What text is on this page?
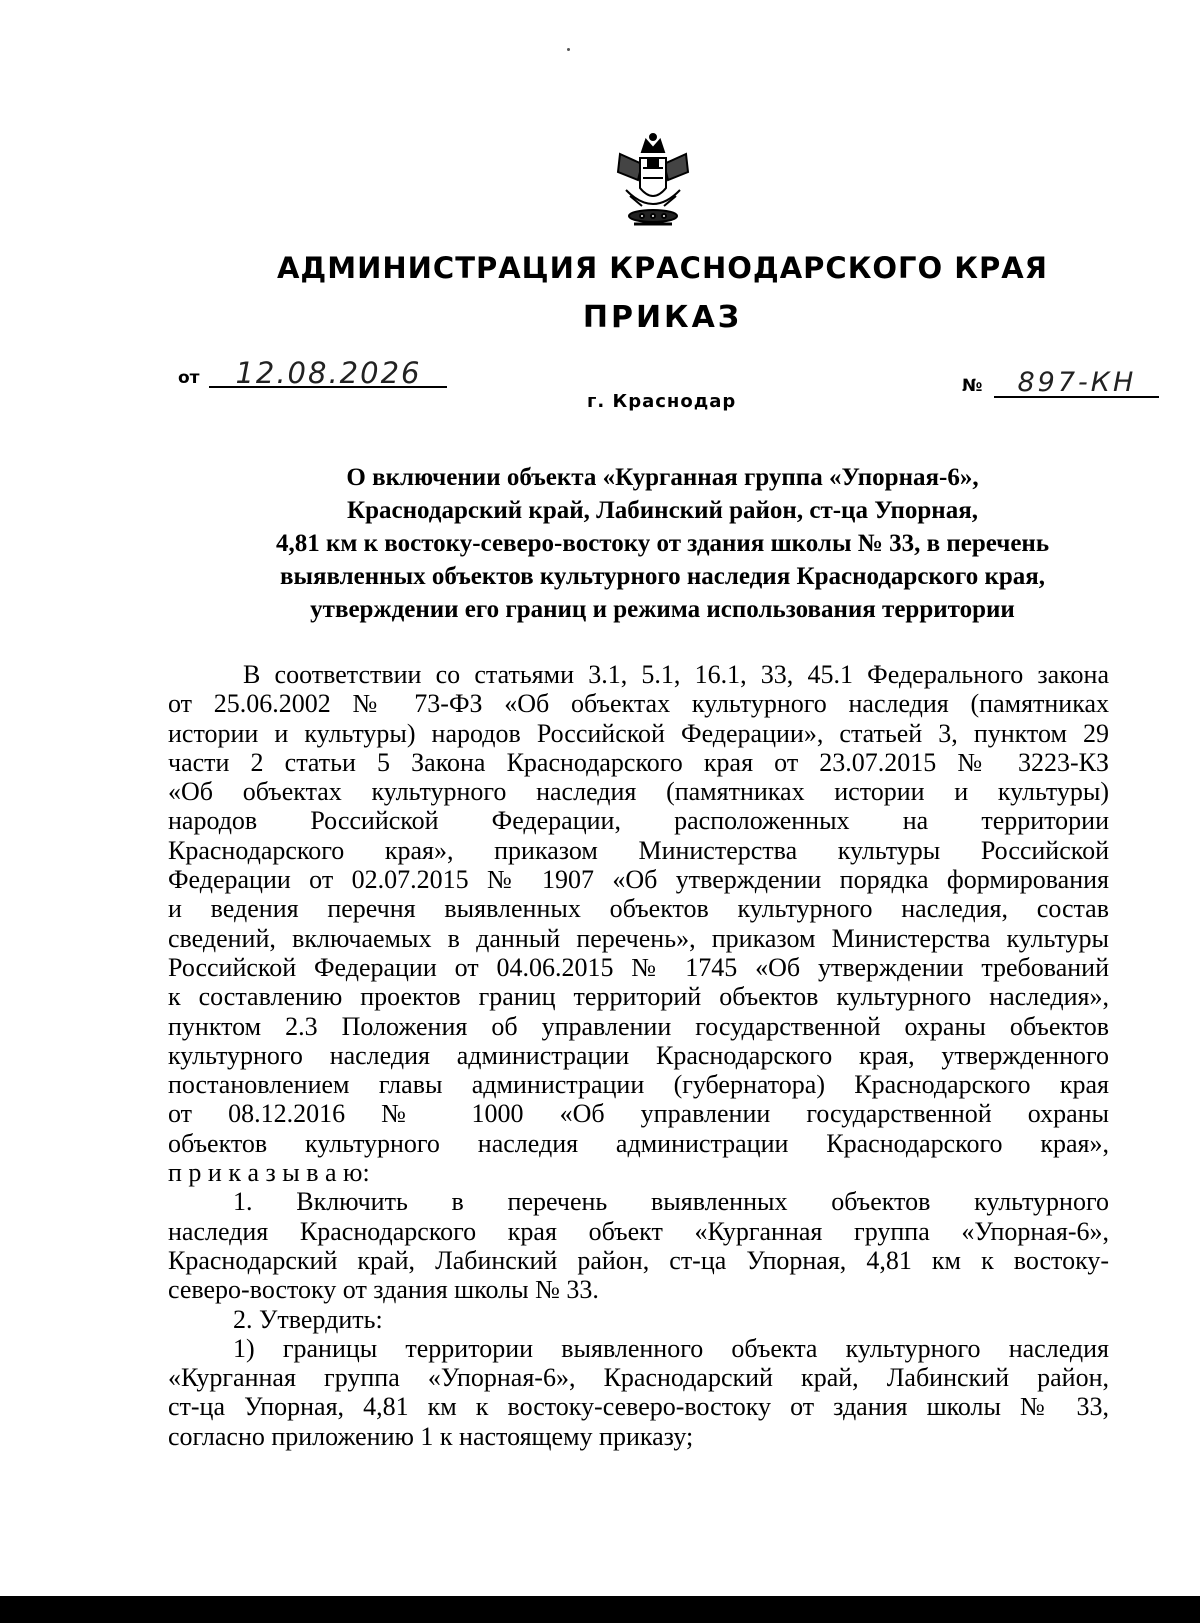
АДМИНИСТРАЦИЯ КРАСНОДАРСКОГО КРАЯ
ПРИКАЗ
от 12.08.2026	№ 897-КН
г. Краснодар
О включении объекта «Курганная группа «Упорная-6»,
Краснодарский край, Лабинский район, ст-ца Упорная,
4,81 км к востоку-северо-востоку от здания школы № 33, в перечень
выявленных объектов культурного наследия Краснодарского края,
утверждении его границ и режима использования территории
В соответствии со статьями 3.1, 5.1, 16.1, 33, 45.1 Федерального закона
от 25.06.2002 № 73-ФЗ «Об объектах культурного наследия (памятниках
истории и культуры) народов Российской Федерации», статьей 3, пунктом 29
части 2 статьи 5 Закона Краснодарского края от 23.07.2015 № 3223-КЗ
«Об объектах культурного наследия (памятниках истории и культуры)
народов Российской Федерации, расположенных на территории
Краснодарского края», приказом Министерства культуры Российской
Федерации от 02.07.2015 № 1907 «Об утверждении порядка формирования
и ведения перечня выявленных объектов культурного наследия, состав
сведений, включаемых в данный перечень», приказом Министерства культуры
Российской Федерации от 04.06.2015 № 1745 «Об утверждении требований
к составлению проектов границ территорий объектов культурного наследия»,
пунктом 2.3 Положения об управлении государственной охраны объектов
культурного наследия администрации Краснодарского края, утвержденного
постановлением главы администрации (губернатора) Краснодарского края
от 08.12.2016 № 1000 «Об управлении государственной охраны
объектов культурного наследия администрации Краснодарского края»,
п р и к а з ы в а ю:
1. Включить в перечень выявленных объектов культурного
наследия Краснодарского края объект «Курганная группа «Упорная-6»,
Краснодарский край, Лабинский район, ст-ца Упорная, 4,81 км к востоку-
северо-востоку от здания школы № 33.
2. Утвердить:
1) границы территории выявленного объекта культурного наследия
«Курганная группа «Упорная-6», Краснодарский край, Лабинский район,
ст-ца Упорная, 4,81 км к востоку-северо-востоку от здания школы № 33,
согласно приложению 1 к настоящему приказу;
